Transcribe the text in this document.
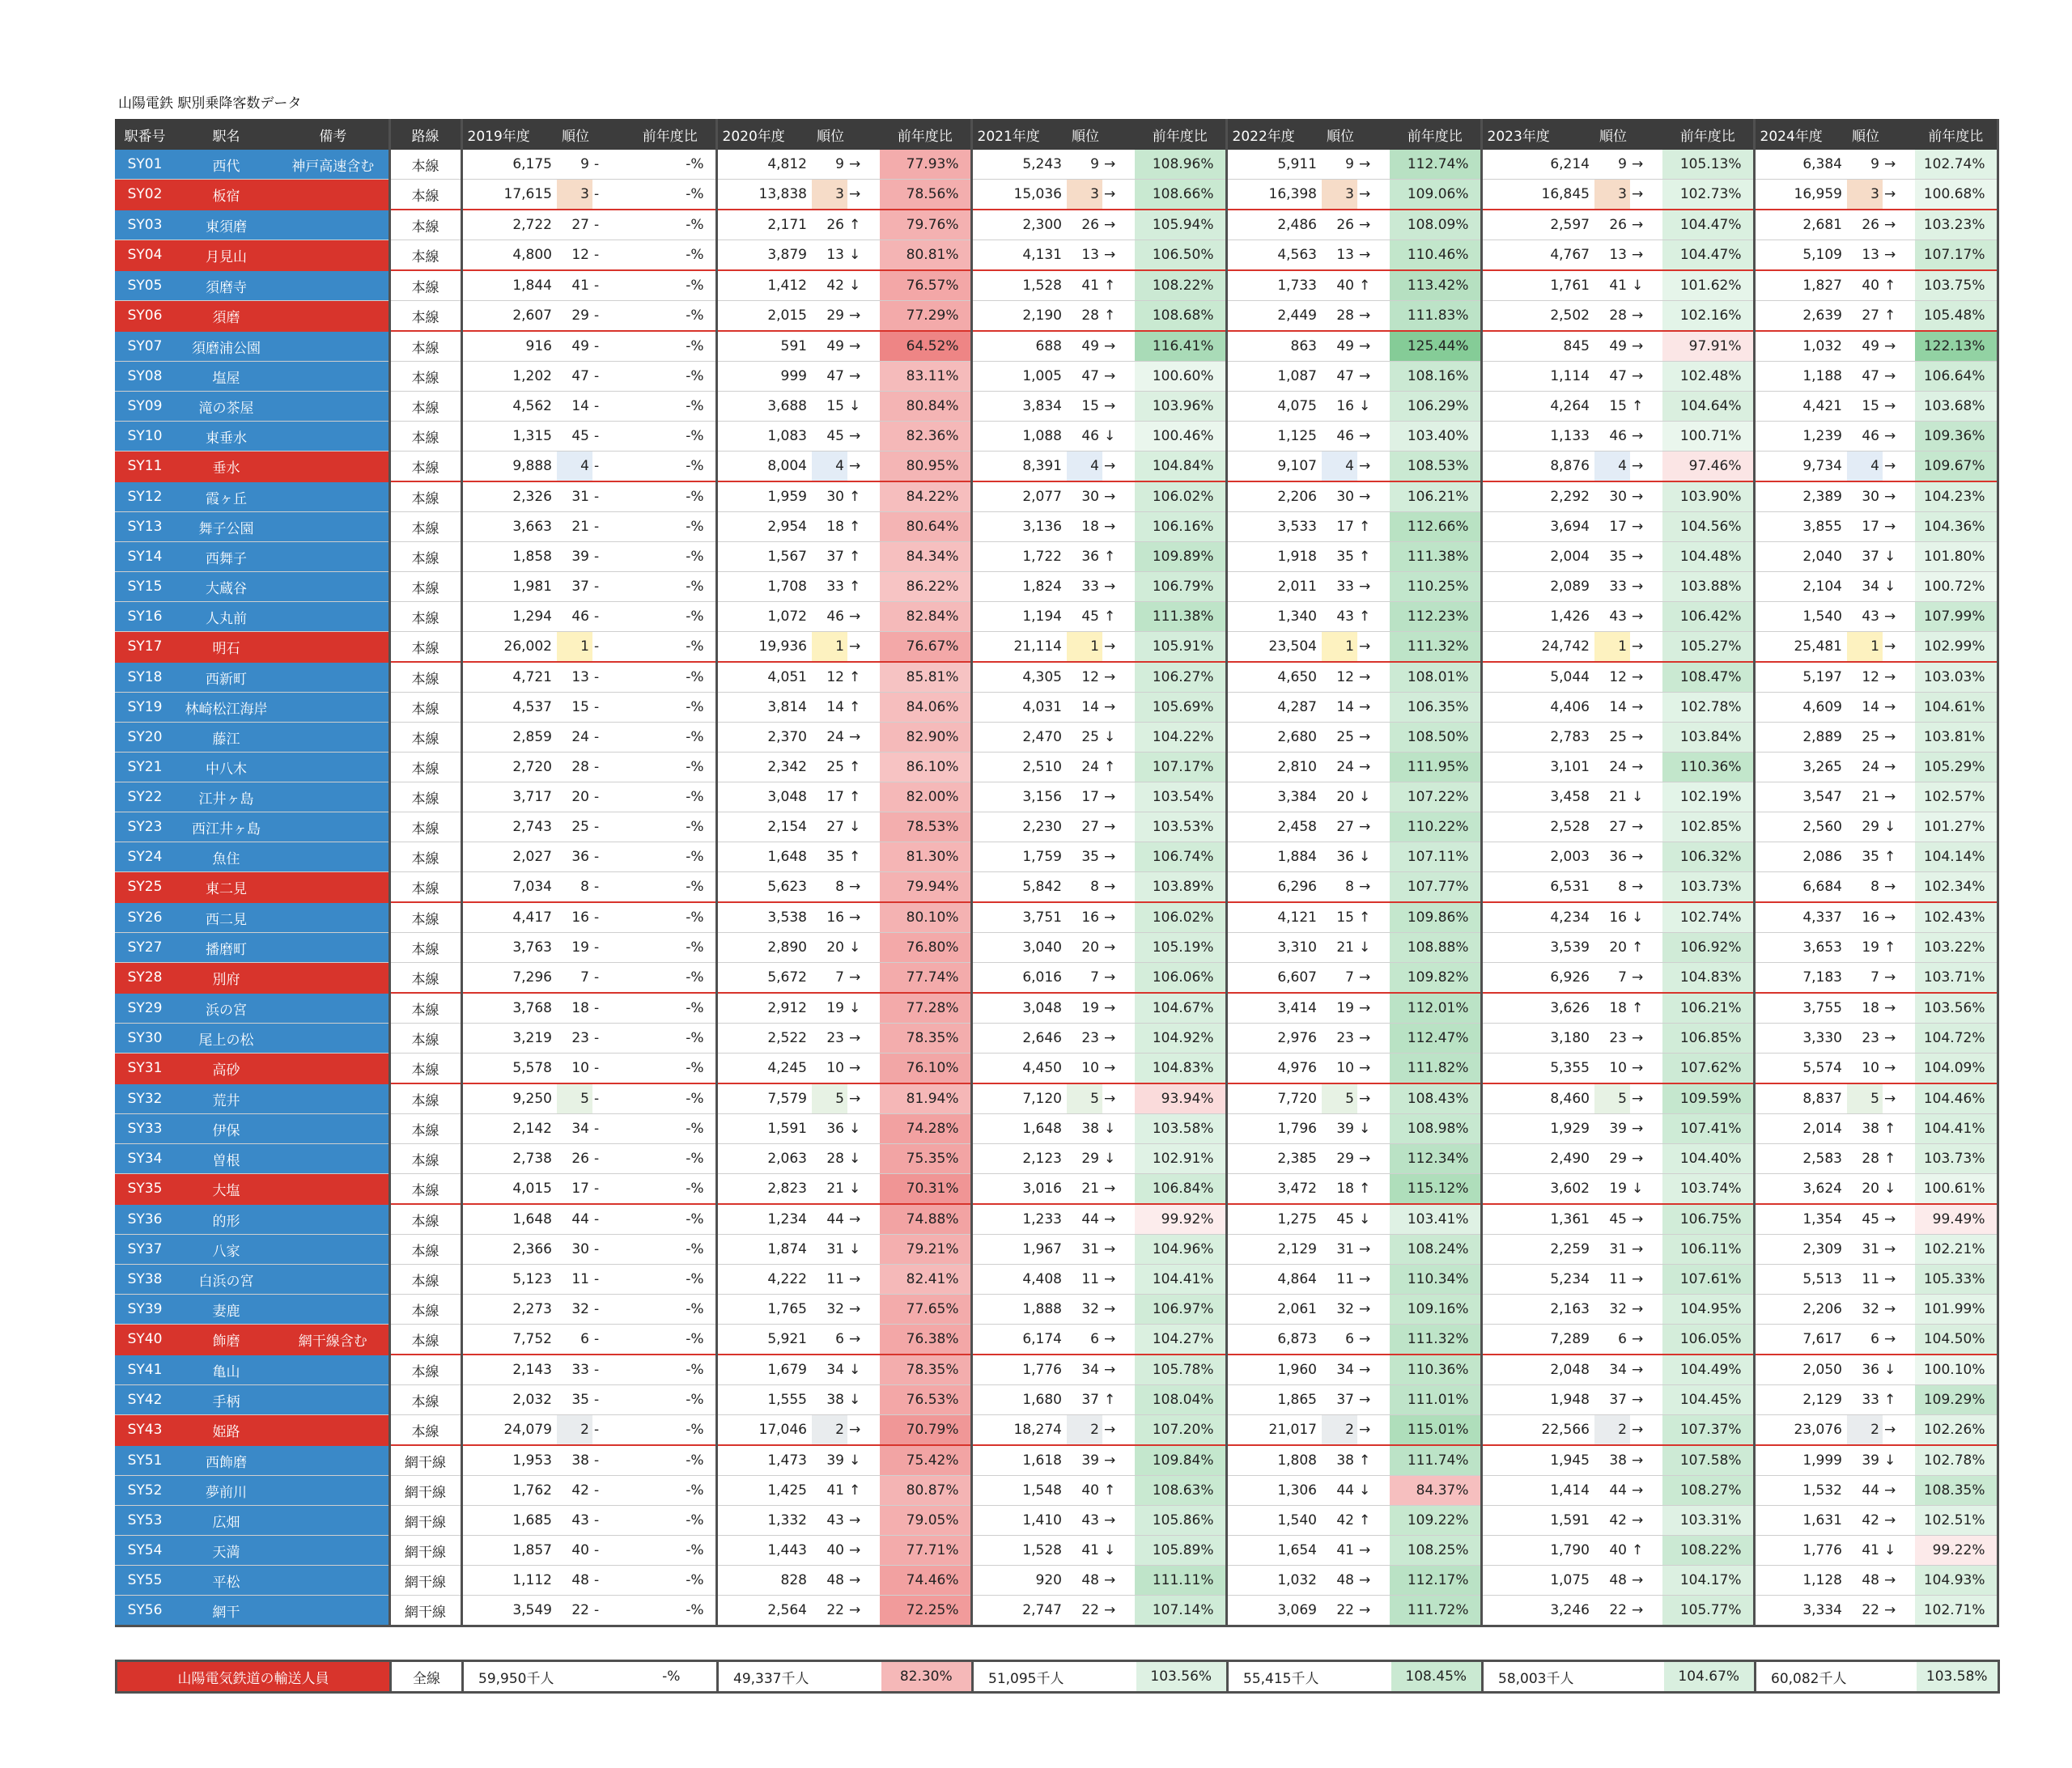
山陽電鉄 駅別乗降客数データ
駅番号	駅名	備考	路線	2019年度	順位		前年度比	2020年度	順位		前年度比	2021年度	順位		前年度比	2022年度	順位		前年度比	2023年度	順位		前年度比	2024年度	順位		前年度比
SY01	西代	神戸高速含む	本線	6,175	9	-	-%	4,812	9	→	77.93%	5,243	9	→	108.96%	5,911	9	→	112.74%	6,214	9	→	105.13%	6,384	9	→	102.74%
SY02	板宿		本線	17,615	3	-	-%	13,838	3	→	78.56%	15,036	3	→	108.66%	16,398	3	→	109.06%	16,845	3	→	102.73%	16,959	3	→	100.68%
SY03	東須磨		本線	2,722	27	-	-%	2,171	26	↑	79.76%	2,300	26	→	105.94%	2,486	26	→	108.09%	2,597	26	→	104.47%	2,681	26	→	103.23%
SY04	月見山		本線	4,800	12	-	-%	3,879	13	↓	80.81%	4,131	13	→	106.50%	4,563	13	→	110.46%	4,767	13	→	104.47%	5,109	13	→	107.17%
SY05	須磨寺		本線	1,844	41	-	-%	1,412	42	↓	76.57%	1,528	41	↑	108.22%	1,733	40	↑	113.42%	1,761	41	↓	101.62%	1,827	40	↑	103.75%
SY06	須磨		本線	2,607	29	-	-%	2,015	29	→	77.29%	2,190	28	↑	108.68%	2,449	28	→	111.83%	2,502	28	→	102.16%	2,639	27	↑	105.48%
SY07	須磨浦公園		本線	916	49	-	-%	591	49	→	64.52%	688	49	→	116.41%	863	49	→	125.44%	845	49	→	97.91%	1,032	49	→	122.13%
SY08	塩屋		本線	1,202	47	-	-%	999	47	→	83.11%	1,005	47	→	100.60%	1,087	47	→	108.16%	1,114	47	→	102.48%	1,188	47	→	106.64%
SY09	滝の茶屋		本線	4,562	14	-	-%	3,688	15	↓	80.84%	3,834	15	→	103.96%	4,075	16	↓	106.29%	4,264	15	↑	104.64%	4,421	15	→	103.68%
SY10	東垂水		本線	1,315	45	-	-%	1,083	45	→	82.36%	1,088	46	↓	100.46%	1,125	46	→	103.40%	1,133	46	→	100.71%	1,239	46	→	109.36%
SY11	垂水		本線	9,888	4	-	-%	8,004	4	→	80.95%	8,391	4	→	104.84%	9,107	4	→	108.53%	8,876	4	→	97.46%	9,734	4	→	109.67%
SY12	霞ヶ丘		本線	2,326	31	-	-%	1,959	30	↑	84.22%	2,077	30	→	106.02%	2,206	30	→	106.21%	2,292	30	→	103.90%	2,389	30	→	104.23%
SY13	舞子公園		本線	3,663	21	-	-%	2,954	18	↑	80.64%	3,136	18	→	106.16%	3,533	17	↑	112.66%	3,694	17	→	104.56%	3,855	17	→	104.36%
SY14	西舞子		本線	1,858	39	-	-%	1,567	37	↑	84.34%	1,722	36	↑	109.89%	1,918	35	↑	111.38%	2,004	35	→	104.48%	2,040	37	↓	101.80%
SY15	大蔵谷		本線	1,981	37	-	-%	1,708	33	↑	86.22%	1,824	33	→	106.79%	2,011	33	→	110.25%	2,089	33	→	103.88%	2,104	34	↓	100.72%
SY16	人丸前		本線	1,294	46	-	-%	1,072	46	→	82.84%	1,194	45	↑	111.38%	1,340	43	↑	112.23%	1,426	43	→	106.42%	1,540	43	→	107.99%
SY17	明石		本線	26,002	1	-	-%	19,936	1	→	76.67%	21,114	1	→	105.91%	23,504	1	→	111.32%	24,742	1	→	105.27%	25,481	1	→	102.99%
SY18	西新町		本線	4,721	13	-	-%	4,051	12	↑	85.81%	4,305	12	→	106.27%	4,650	12	→	108.01%	5,044	12	→	108.47%	5,197	12	→	103.03%
SY19	林崎松江海岸		本線	4,537	15	-	-%	3,814	14	↑	84.06%	4,031	14	→	105.69%	4,287	14	→	106.35%	4,406	14	→	102.78%	4,609	14	→	104.61%
SY20	藤江		本線	2,859	24	-	-%	2,370	24	→	82.90%	2,470	25	↓	104.22%	2,680	25	→	108.50%	2,783	25	→	103.84%	2,889	25	→	103.81%
SY21	中八木		本線	2,720	28	-	-%	2,342	25	↑	86.10%	2,510	24	↑	107.17%	2,810	24	→	111.95%	3,101	24	→	110.36%	3,265	24	→	105.29%
SY22	江井ヶ島		本線	3,717	20	-	-%	3,048	17	↑	82.00%	3,156	17	→	103.54%	3,384	20	↓	107.22%	3,458	21	↓	102.19%	3,547	21	→	102.57%
SY23	西江井ヶ島		本線	2,743	25	-	-%	2,154	27	↓	78.53%	2,230	27	→	103.53%	2,458	27	→	110.22%	2,528	27	→	102.85%	2,560	29	↓	101.27%
SY24	魚住		本線	2,027	36	-	-%	1,648	35	↑	81.30%	1,759	35	→	106.74%	1,884	36	↓	107.11%	2,003	36	→	106.32%	2,086	35	↑	104.14%
SY25	東二見		本線	7,034	8	-	-%	5,623	8	→	79.94%	5,842	8	→	103.89%	6,296	8	→	107.77%	6,531	8	→	103.73%	6,684	8	→	102.34%
SY26	西二見		本線	4,417	16	-	-%	3,538	16	→	80.10%	3,751	16	→	106.02%	4,121	15	↑	109.86%	4,234	16	↓	102.74%	4,337	16	→	102.43%
SY27	播磨町		本線	3,763	19	-	-%	2,890	20	↓	76.80%	3,040	20	→	105.19%	3,310	21	↓	108.88%	3,539	20	↑	106.92%	3,653	19	↑	103.22%
SY28	別府		本線	7,296	7	-	-%	5,672	7	→	77.74%	6,016	7	→	106.06%	6,607	7	→	109.82%	6,926	7	→	104.83%	7,183	7	→	103.71%
SY29	浜の宮		本線	3,768	18	-	-%	2,912	19	↓	77.28%	3,048	19	→	104.67%	3,414	19	→	112.01%	3,626	18	↑	106.21%	3,755	18	→	103.56%
SY30	尾上の松		本線	3,219	23	-	-%	2,522	23	→	78.35%	2,646	23	→	104.92%	2,976	23	→	112.47%	3,180	23	→	106.85%	3,330	23	→	104.72%
SY31	高砂		本線	5,578	10	-	-%	4,245	10	→	76.10%	4,450	10	→	104.83%	4,976	10	→	111.82%	5,355	10	→	107.62%	5,574	10	→	104.09%
SY32	荒井		本線	9,250	5	-	-%	7,579	5	→	81.94%	7,120	5	→	93.94%	7,720	5	→	108.43%	8,460	5	→	109.59%	8,837	5	→	104.46%
SY33	伊保		本線	2,142	34	-	-%	1,591	36	↓	74.28%	1,648	38	↓	103.58%	1,796	39	↓	108.98%	1,929	39	→	107.41%	2,014	38	↑	104.41%
SY34	曽根		本線	2,738	26	-	-%	2,063	28	↓	75.35%	2,123	29	↓	102.91%	2,385	29	→	112.34%	2,490	29	→	104.40%	2,583	28	↑	103.73%
SY35	大塩		本線	4,015	17	-	-%	2,823	21	↓	70.31%	3,016	21	→	106.84%	3,472	18	↑	115.12%	3,602	19	↓	103.74%	3,624	20	↓	100.61%
SY36	的形		本線	1,648	44	-	-%	1,234	44	→	74.88%	1,233	44	→	99.92%	1,275	45	↓	103.41%	1,361	45	→	106.75%	1,354	45	→	99.49%
SY37	八家		本線	2,366	30	-	-%	1,874	31	↓	79.21%	1,967	31	→	104.96%	2,129	31	→	108.24%	2,259	31	→	106.11%	2,309	31	→	102.21%
SY38	白浜の宮		本線	5,123	11	-	-%	4,222	11	→	82.41%	4,408	11	→	104.41%	4,864	11	→	110.34%	5,234	11	→	107.61%	5,513	11	→	105.33%
SY39	妻鹿		本線	2,273	32	-	-%	1,765	32	→	77.65%	1,888	32	→	106.97%	2,061	32	→	109.16%	2,163	32	→	104.95%	2,206	32	→	101.99%
SY40	飾磨	網干線含む	本線	7,752	6	-	-%	5,921	6	→	76.38%	6,174	6	→	104.27%	6,873	6	→	111.32%	7,289	6	→	106.05%	7,617	6	→	104.50%
SY41	亀山		本線	2,143	33	-	-%	1,679	34	↓	78.35%	1,776	34	→	105.78%	1,960	34	→	110.36%	2,048	34	→	104.49%	2,050	36	↓	100.10%
SY42	手柄		本線	2,032	35	-	-%	1,555	38	↓	76.53%	1,680	37	↑	108.04%	1,865	37	→	111.01%	1,948	37	→	104.45%	2,129	33	↑	109.29%
SY43	姫路		本線	24,079	2	-	-%	17,046	2	→	70.79%	18,274	2	→	107.20%	21,017	2	→	115.01%	22,566	2	→	107.37%	23,076	2	→	102.26%
SY51	西飾磨		網干線	1,953	38	-	-%	1,473	39	↓	75.42%	1,618	39	→	109.84%	1,808	38	↑	111.74%	1,945	38	→	107.58%	1,999	39	↓	102.78%
SY52	夢前川		網干線	1,762	42	-	-%	1,425	41	↑	80.87%	1,548	40	↑	108.63%	1,306	44	↓	84.37%	1,414	44	→	108.27%	1,532	44	→	108.35%
SY53	広畑		網干線	1,685	43	-	-%	1,332	43	→	79.05%	1,410	43	→	105.86%	1,540	42	↑	109.22%	1,591	42	→	103.31%	1,631	42	→	102.51%
SY54	天満		網干線	1,857	40	-	-%	1,443	40	→	77.71%	1,528	41	↓	105.89%	1,654	41	→	108.25%	1,790	40	↑	108.22%	1,776	41	↓	99.22%
SY55	平松		網干線	1,112	48	-	-%	828	48	→	74.46%	920	48	→	111.11%	1,032	48	→	112.17%	1,075	48	→	104.17%	1,128	48	→	104.93%
SY56	網干		網干線	3,549	22	-	-%	2,564	22	→	72.25%	2,747	22	→	107.14%	3,069	22	→	111.72%	3,246	22	→	105.77%	3,334	22	→	102.71%
山陽電気鉄道の輸送人員	全線	59,950千人	-%	49,337千人	82.30%	51,095千人	103.56%	55,415千人	108.45%	58,003千人	104.67%	60,082千人	103.58%
